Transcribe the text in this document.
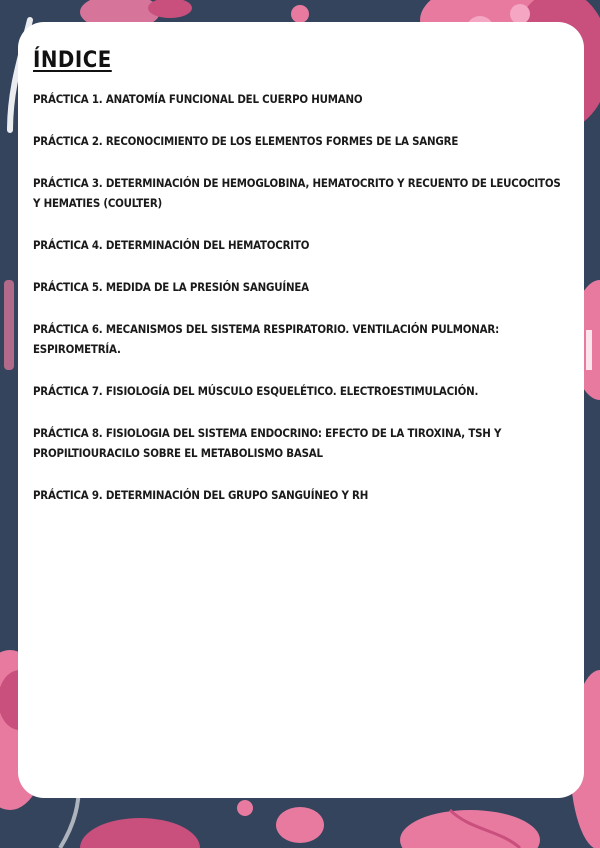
ÍNDICE
PRÁCTICA 1. ANATOMÍA FUNCIONAL DEL CUERPO HUMANO
PRÁCTICA 2. RECONOCIMIENTO DE LOS ELEMENTOS FORMES DE LA SANGRE
PRÁCTICA 3. DETERMINACIÓN DE HEMOGLOBINA, HEMATOCRITO Y RECUENTO DE LEUCOCITOS Y HEMATIES (COULTER)
PRÁCTICA 4. DETERMINACIÓN DEL HEMATOCRITO
PRÁCTICA 5. MEDIDA DE LA PRESIÓN SANGUÍNEA
PRÁCTICA 6. MECANISMOS DEL SISTEMA RESPIRATORIO. VENTILACIÓN PULMONAR: ESPIROMETRÍA.
PRÁCTICA 7. FISIOLOGÍA DEL MÚSCULO ESQUELÉTICO. ELECTROESTIMULACIÓN.
PRÁCTICA 8. FISIOLOGIA DEL SISTEMA ENDOCRINO: EFECTO DE LA TIROXINA, TSH Y PROPILTIOURACILO SOBRE EL METABOLISMO BASAL
PRÁCTICA 9. DETERMINACIÓN DEL GRUPO SANGUÍNEO Y RH
